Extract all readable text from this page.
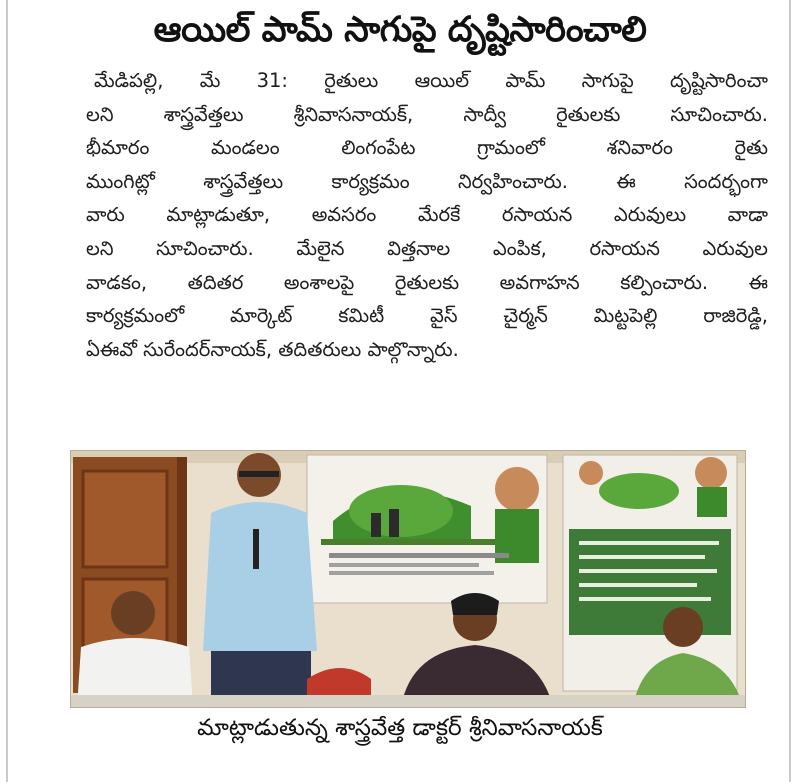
ఆయిల్ పామ్ సాగుపై దృష్టిసారించాలి
మేడిపల్లి, మే 31: రైతులు ఆయిల్ పామ్ సాగుపై దృష్టిసారించా
లని శాస్త్రవేత్తలు శ్రీనివాసనాయక్, సాద్వీ రైతులకు సూచించారు.
భీమారం మండలం లింగంపేట గ్రామంలో శనివారం రైతు
ముంగిట్లో శాస్త్రవేత్తలు కార్యక్రమం నిర్వహించారు. ఈ సందర్భంగా
వారు మాట్లాడుతూ, అవసరం మేరకే రసాయన ఎరువులు వాడా
లని సూచించారు. మేలైన విత్తనాల ఎంపిక, రసాయన ఎరువుల
వాడకం, తదితర అంశాలపై రైతులకు అవగాహన కల్పించారు. ఈ
కార్యక్రమంలో మార్కెట్ కమిటీ వైస్ చైర్మన్ మిట్టపెల్లి రాజిరెడ్డి,
ఏఈవో సురేందర్‌నాయక్, తదితరులు పాల్గొన్నారు.
మాట్లాడుతున్న శాస్త్రవేత్త డాక్టర్ శ్రీనివాసనాయక్
